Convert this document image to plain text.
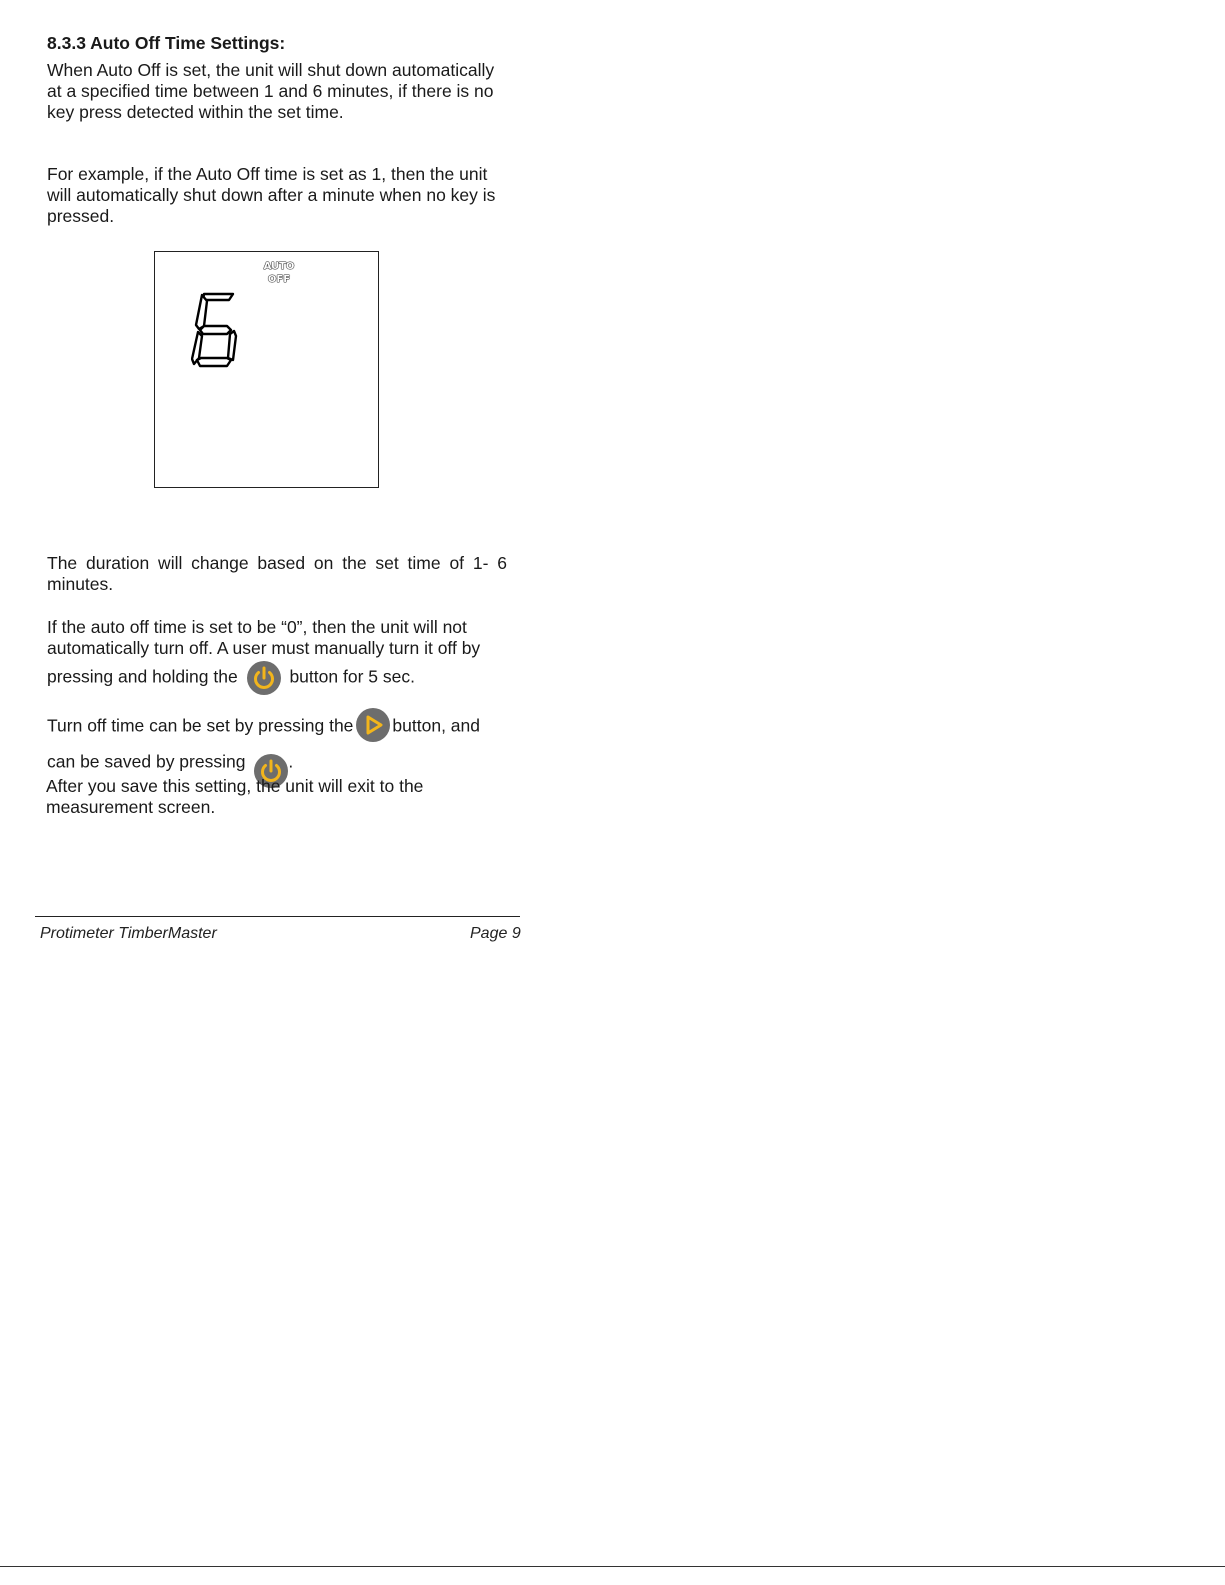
8.3.3 Auto Off Time Settings:

When Auto Off is set, the unit will shut down automatically at a specified time between 1 and 6 minutes, if there is no key press detected within the set time.

For example, if the Auto Off time is set as 1, then the unit will automatically shut down after a minute when no key is pressed.

AUTO
OFF

The duration will change based on the set time of 1- 6 minutes.

If the auto off time is set to be “0”, then the unit will not automatically turn off. A user must manually turn it off by pressing and holding the	button for 5 sec.

Turn off time can be set by pressing the button, and can be saved by pressing .

After you save this setting, the unit will exit to the measurement screen.

Protimeter TimberMaster	Page 9
